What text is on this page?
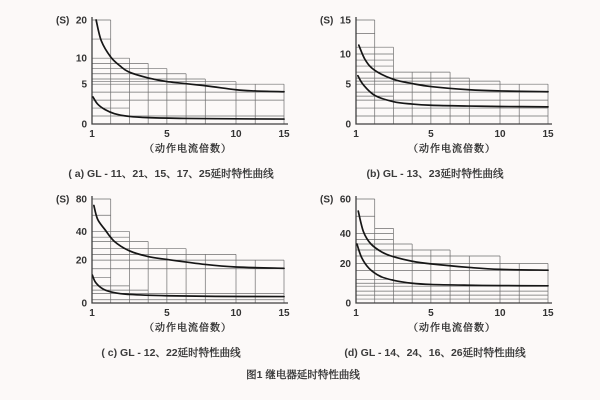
0
5
10
20
(S)
1	5	10	15
（动作电流倍数）
( a) GL - 11、21、15、17、25延时特性曲线
0
5
10
15
(S)
1	5	10	15
（动作电流倍数）
(b) GL - 13、23延时特性曲线
0
20
40
80
(S)
1	5	10	15
（动作电流倍数）
( c) GL - 12、22延时特性曲线
0
20
40
60
(S)
1	5	10	15
（动作电流倍数）
(d) GL - 14、24、16、26延时特性曲线
图1 继电器延时特性曲线
